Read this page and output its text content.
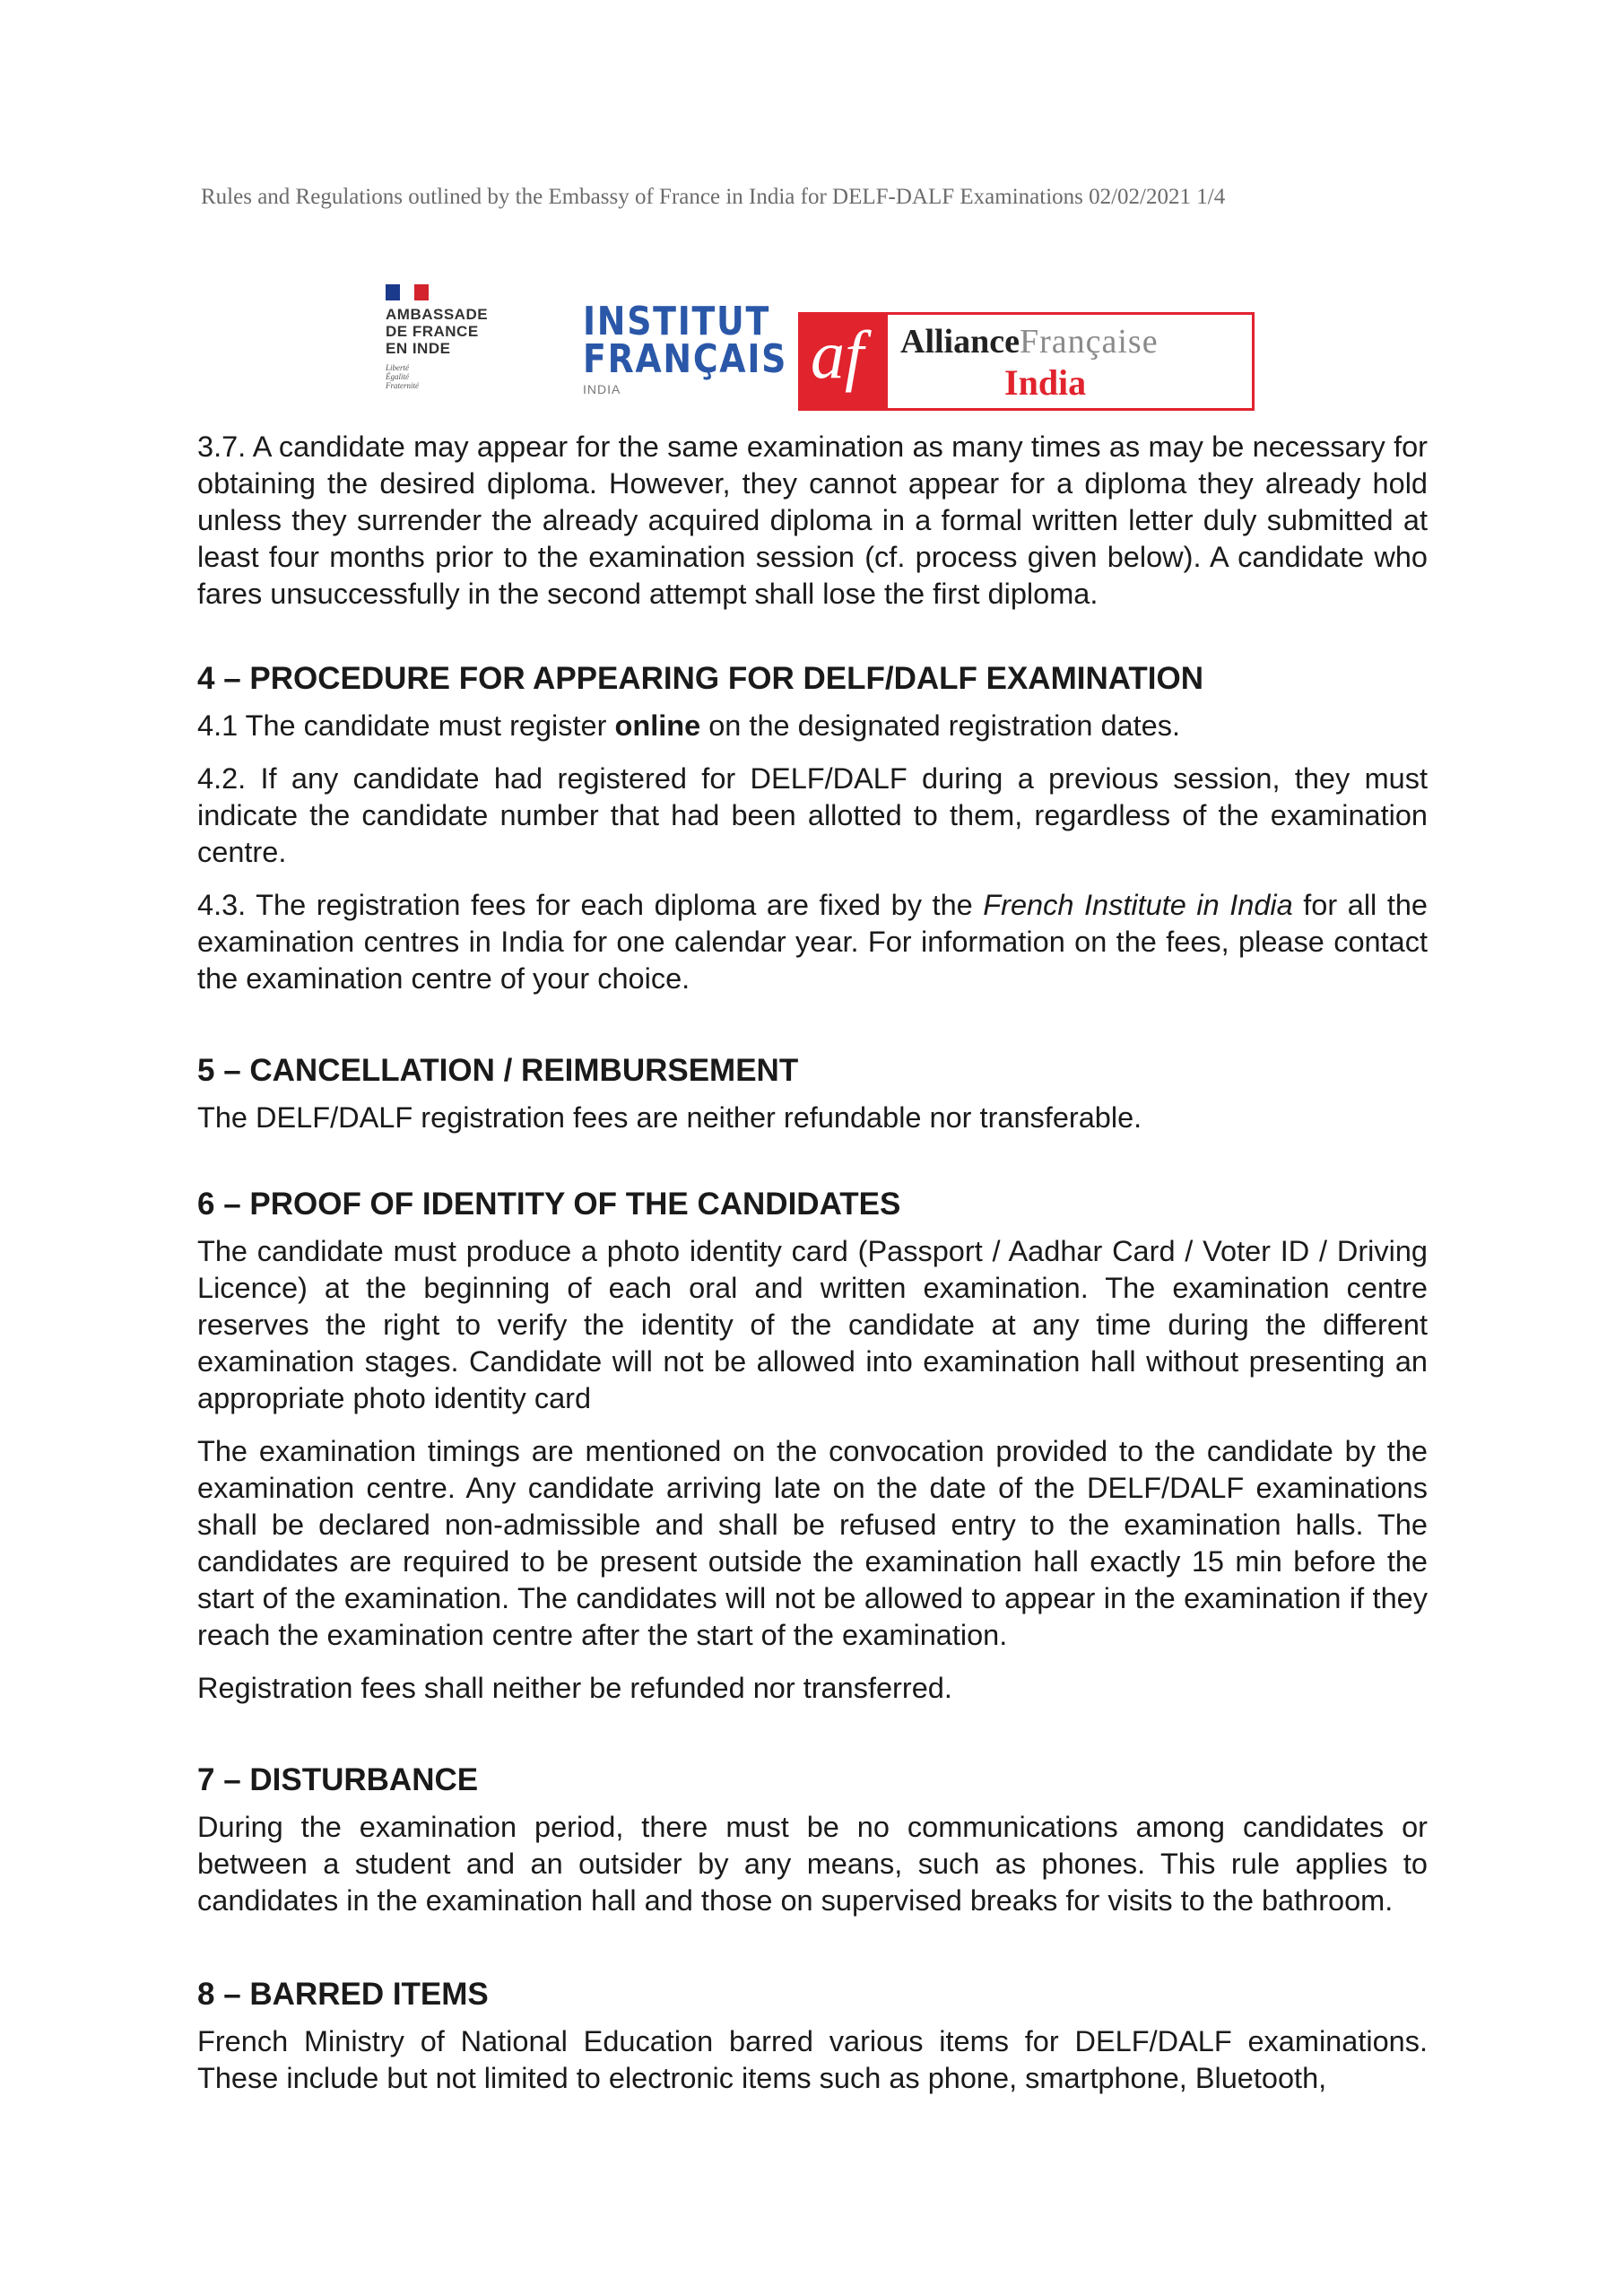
Rules and Regulations outlined by the Embassy of France in India for DELF-DALF Examinations 02/02/2021 1/4
AMBASSADE
DE FRANCE
EN INDE
Liberté
Égalité
Fraternité
INSTITUT
FRANÇAIS
INDIA	af AllianceFrançaise
India

3.7. A candidate may appear for the same examination as many times as may be necessary for obtaining the desired diploma. However, they cannot appear for a diploma they already hold unless they surrender the already acquired diploma in a formal written letter duly submitted at least four months prior to the examination session (cf. process given below). A candidate who fares unsuccessfully in the second attempt shall lose the first diploma.

4 – PROCEDURE FOR APPEARING FOR DELF/DALF EXAMINATION

4.1 The candidate must register online on the designated registration dates.

4.2. If any candidate had registered for DELF/DALF during a previous session, they must indicate the candidate number that had been allotted to them, regardless of the examination centre.

4.3. The registration fees for each diploma are fixed by the French Institute in India for all the examination centres in India for one calendar year. For information on the fees, please contact the examination centre of your choice.

5 – CANCELLATION / REIMBURSEMENT

The DELF/DALF registration fees are neither refundable nor transferable.

6 – PROOF OF IDENTITY OF THE CANDIDATES

The candidate must produce a photo identity card (Passport / Aadhar Card / Voter ID / Driving Licence) at the beginning of each oral and written examination. The examination centre reserves the right to verify the identity of the candidate at any time during the different examination stages. Candidate will not be allowed into examination hall without presenting an appropriate photo identity card

The examination timings are mentioned on the convocation provided to the candidate by the examination centre. Any candidate arriving late on the date of the DELF/DALF examinations shall be declared non-admissible and shall be refused entry to the examination halls. The candidates are required to be present outside the examination hall exactly 15 min before the start of the examination. The candidates will not be allowed to appear in the examination if they reach the examination centre after the start of the examination.

Registration fees shall neither be refunded nor transferred.

7 – DISTURBANCE

During the examination period, there must be no communications among candidates or between a student and an outsider by any means, such as phones. This rule applies to candidates in the examination hall and those on supervised breaks for visits to the bathroom.

8 – BARRED ITEMS

French Ministry of National Education barred various items for DELF/DALF examinations. These include but not limited to electronic items such as phone, smartphone, Bluetooth,
